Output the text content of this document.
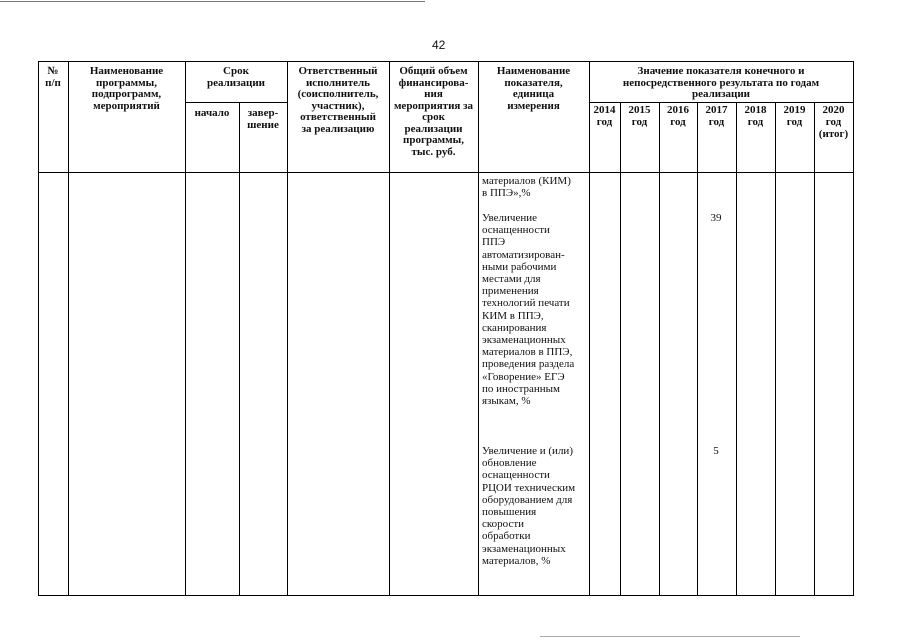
42
№
п/п
Наименование
программы,
подпрограмм,
мероприятий
Срок
реализации
начало	завер-
шение
Ответственный
исполнитель
(соисполнитель,
участник),
ответственный
за реализацию
Общий объем
финансирова-
ния
мероприятия за
срок
реализации
программы,
тыс. руб.
Наименование
показателя,
единица
измерения
Значение показателя конечного и
непосредственного результата по годам
реализации
2014
год
2015
год
2016
год
2017
год
2018
год
2019
год
2020
год
(итог)
материалов (КИМ)
в ППЭ»,%
Увеличение
оснащенности
ППЭ
автоматизирован-
ными рабочими
местами для
применения
технологий печати
КИМ в ППЭ,
сканирования
экзаменационных
материалов в ППЭ,
проведения раздела
«Говорение» ЕГЭ
по иностранным
языкам, %
39
Увеличение и (или)
обновление
оснащенности
РЦОИ техническим
оборудованием для
повышения
скорости
обработки
экзаменационных
материалов, %
5
